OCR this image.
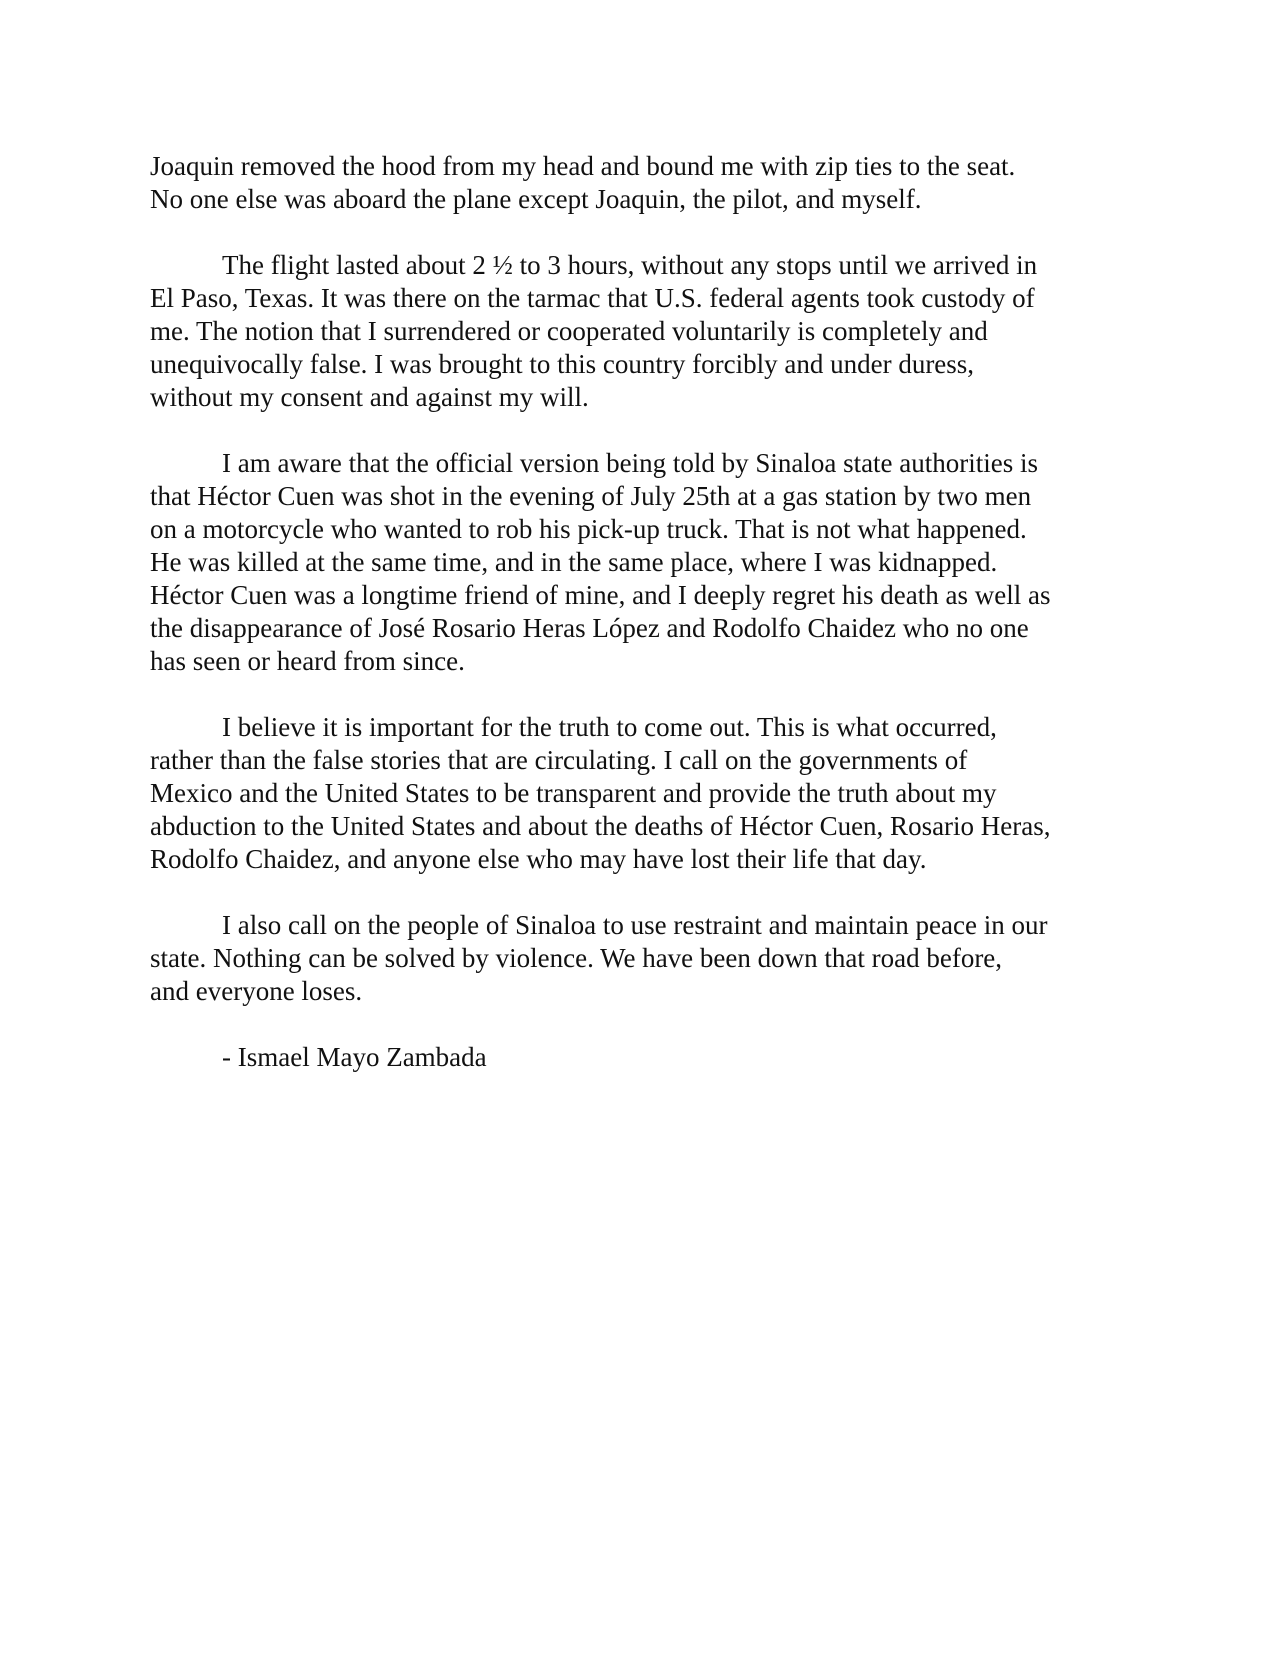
Joaquin removed the hood from my head and bound me with zip ties to the seat.
No one else was aboard the plane except Joaquin, the pilot, and myself.
The flight lasted about 2 ½ to 3 hours, without any stops until we arrived in
El Paso, Texas. It was there on the tarmac that U.S. federal agents took custody of
me. The notion that I surrendered or cooperated voluntarily is completely and
unequivocally false. I was brought to this country forcibly and under duress,
without my consent and against my will.
I am aware that the official version being told by Sinaloa state authorities is
that Héctor Cuen was shot in the evening of July 25th at a gas station by two men
on a motorcycle who wanted to rob his pick-up truck. That is not what happened.
He was killed at the same time, and in the same place, where I was kidnapped.
Héctor Cuen was a longtime friend of mine, and I deeply regret his death as well as
the disappearance of José Rosario Heras López and Rodolfo Chaidez who no one
has seen or heard from since.
I believe it is important for the truth to come out. This is what occurred,
rather than the false stories that are circulating. I call on the governments of
Mexico and the United States to be transparent and provide the truth about my
abduction to the United States and about the deaths of Héctor Cuen, Rosario Heras,
Rodolfo Chaidez, and anyone else who may have lost their life that day.
I also call on the people of Sinaloa to use restraint and maintain peace in our
state. Nothing can be solved by violence. We have been down that road before,
and everyone loses.
- Ismael Mayo Zambada
